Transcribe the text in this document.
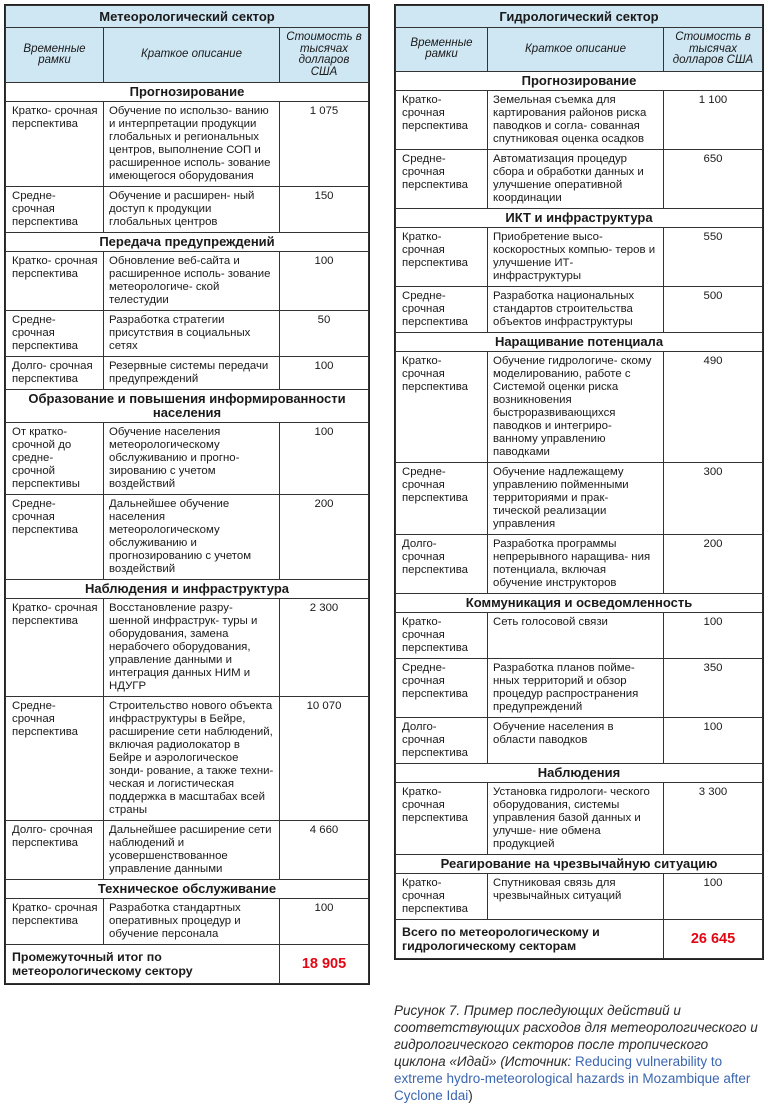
Метеорологический сектор		
Временные рамки	Краткое описание	Стоимость в тысячах долларов США
Прогнозирование		
Кратко- срочная перспектива	Обучение по использо- ванию и интерпретации продукции глобальных и региональных центров, выполнение СОП и расширенное исполь- зование имеющегося оборудования	1 075
Средне- срочная перспектива	Обучение и расширен- ный доступ к продукции глобальных центров	150
Передача предупреждений		
Кратко- срочная перспектива	Обновление веб-сайта и расширенное исполь- зование метеорологиче- ской телестудии	100
Средне- срочная перспектива	Разработка стратегии присутствия в социальных сетях	50
Долго- срочная перспектива	Резервные системы передачи предупреждений	100
Образование и повышения информированности населения		
От кратко- срочной до средне- срочной перспективы	Обучение населения метеорологическому обслуживанию и прогно- зированию с учетом воздействий	100
Средне- срочная перспектива	Дальнейшее обучение населения метеорологическому обслуживанию и прогнозированию с учетом воздействий	200
Наблюдения и инфраструктура		
Кратко- срочная перспектива	Восстановление разру- шенной инфраструк- туры и оборудования, замена нерабочего оборудования, управление данными и интеграция данных НИМ и НДУГР	2 300
Средне- срочная перспектива	Строительство нового объекта инфраструктуры в Бейре, расширение сети наблюдений, включая радиолокатор в Бейре и аэрологическое зонди- рование, а также техни- ческая и логистическая поддержка в масштабах всей страны	10 070
Долго- срочная перспектива	Дальнейшее расширение сети наблюдений и усовершенствованное управление данными	4 660
Техническое обслуживание		
Кратко- срочная перспектива	Разработка стандартных оперативных процедур и обучение персонала	100
Промежуточный итог по метеорологическому сектору		18 905
Гидрологический сектор		
Временные рамки	Краткое описание	Стоимость в тысячах долларов США
Прогнозирование		
Кратко- срочная перспектива	Земельная съемка для картирования районов риска паводков и согла- сованная спутниковая оценка осадков	1 100
Средне- срочная перспектива	Автоматизация процедур сбора и обработки данных и улучшение оперативной координации	650
ИКТ и инфраструктура		
Кратко- срочная перспектива	Приобретение высо- коскоростных компью- теров и улучшение ИТ-инфраструктуры	550
Средне- срочная перспектива	Разработка национальных стандартов строительства объектов инфраструктуры	500
Наращивание потенциала		
Кратко- срочная перспектива	Обучение гидрологиче- скому моделированию, работе с Системой оценки риска возникновения быстроразвивающихся паводков и интегриро- ванному управлению паводками	490
Средне- срочная перспектива	Обучение надлежащему управлению пойменными территориями и прак- тической реализации управления	300
Долго- срочная перспектива	Разработка программы непрерывного наращива- ния потенциала, включая обучение инструкторов	200
Коммуникация и осведомленность		
Кратко- срочная перспектива	Сеть голосовой связи	100
Средне- срочная перспектива	Разработка планов пойме- нных территорий и обзор процедур распространения предупреждений	350
Долго- срочная перспектива	Обучение населения в области паводков	100
Наблюдения		
Кратко- срочная перспектива	Установка гидрологи- ческого оборудования, системы управления базой данных и улучше- ние обмена продукцией	3 300
Реагирование на чрезвычайную ситуацию		
Кратко- срочная перспектива	Спутниковая связь для чрезвычайных ситуаций	100
Всего по метеорологическому и гидрологическому секторам		26 645
Рисунок 7. Пример последующих действий и соответствующих расходов для метеорологического и гидрологического секторов после тропического циклона «Идай» (Источник: Reducing vulnerability to extreme hydro-meteorological hazards in Mozambique after Cyclone Idai)
